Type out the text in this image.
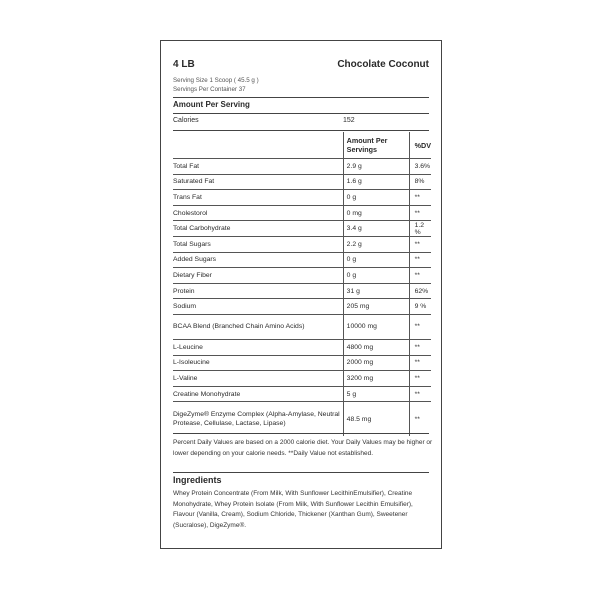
4 LB	Chocolate Coconut
Serving Size 1 Scoop ( 45.5 g )
Servings Per Container 37
Amount Per Serving
Calories	152
	Amount Per Servings	%DV
Total Fat	2.9 g	3.6%
Saturated Fat	1.6 g	8%
Trans Fat	0 g	**
Cholestorol	0 mg	**
Total Carbohydrate	3.4 g	1.2 %
Total Sugars	2.2 g	**
Added Sugars	0 g	**
Dietary Fiber	0 g	**
Protein	31 g	62%
Sodium	205 mg	9 %
BCAA Blend (Branched Chain Amino Acids)	10000 mg	**
L-Leucine	4800 mg	**
L-Isoleucine	2000 mg	**
L-Valine	3200 mg	**
Creatine Monohydrate	5 g	**
DigeZyme® Enzyme Complex (Alpha-Amylase, Neutral Protease, Cellulase, Lactase, Lipase)	48.5 mg	**
Percent Daily Values are based on a 2000 calorie diet. Your Daily Values may be higher or lower depending on your calorie needs. **Daily Value not established.
Ingredients
Whey Protein Concentrate (From Milk, With Sunflower LecithinEmulsifier), Creatine Monohydrate, Whey Protein Isolate (From Milk, With Sunflower Lecithin Emulsifier), Flavour (Vanilla, Cream), Sodium Chloride, Thickener (Xanthan Gum), Sweetener (Sucralose), DigeZyme®.
